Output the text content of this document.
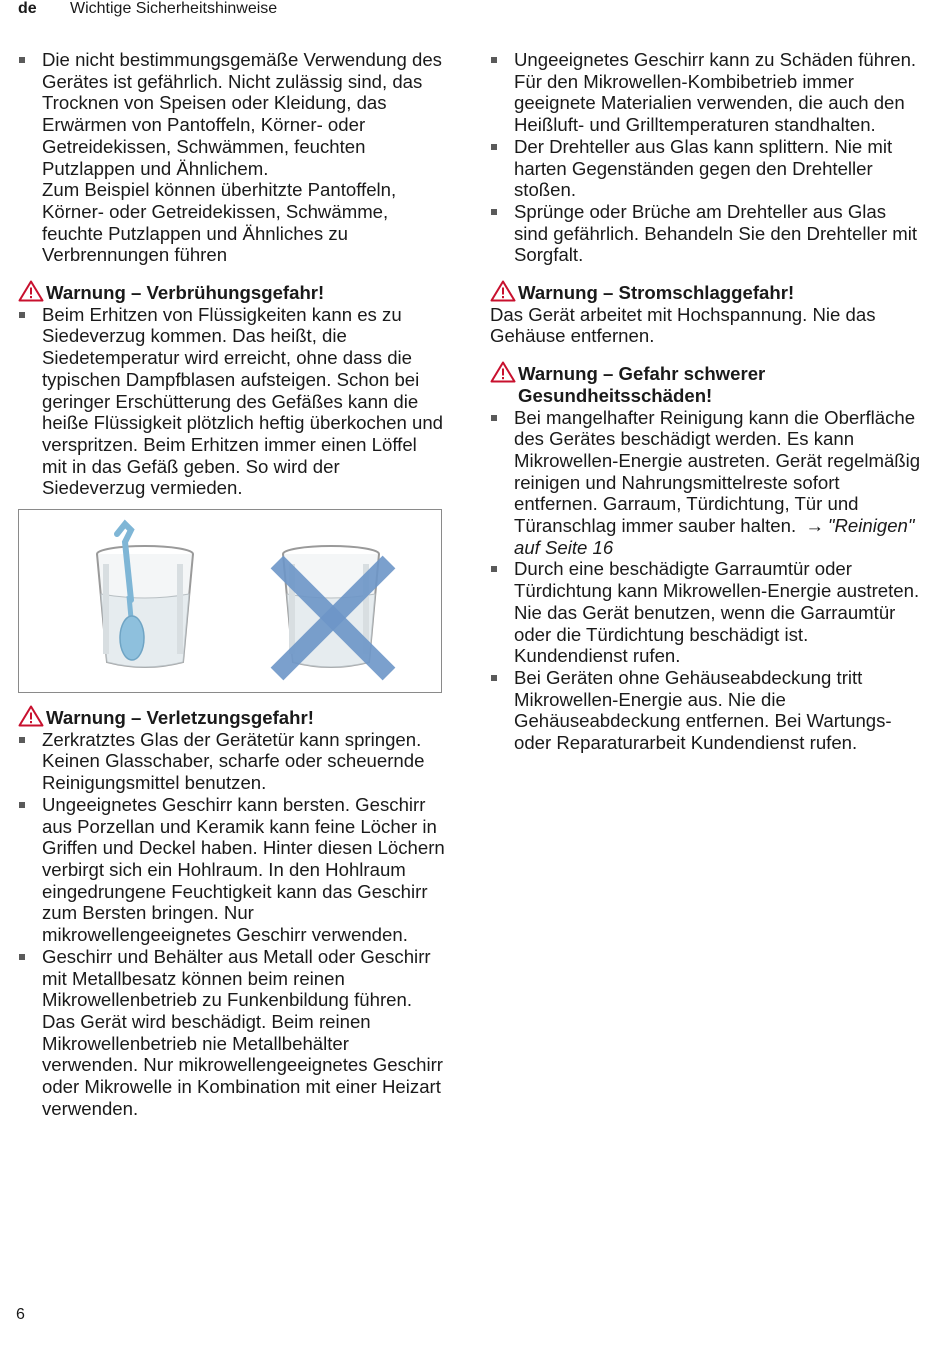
de Wichtige Sicherheitshinweise

Die nicht bestimmungsgemäße Verwendung des Gerätes ist gefährlich. Nicht zulässig sind, das Trocknen von Speisen oder Kleidung, das Erwärmen von Pantoffeln, Körner- oder Getreidekissen, Schwämmen, feuchten Putzlappen und Ähnlichem.

Zum Beispiel können überhitzte Pantoffeln, Körner- oder Getreidekissen, Schwämme, feuchte Putzlappen und Ähnliches zu Verbrennungen führen

Warnung – Verbrühungsgefahr!

Beim Erhitzen von Flüssigkeiten kann es zu Siedeverzug kommen. Das heißt, die Siedetemperatur wird erreicht, ohne dass die typischen Dampfblasen aufsteigen. Schon bei geringer Erschütterung des Gefäßes kann die heiße Flüssigkeit plötzlich heftig überkochen und verspritzen. Beim Erhitzen immer einen Löffel mit in das Gefäß geben. So wird der Siedeverzug vermieden.

Warnung – Verletzungsgefahr!

Zerkratztes Glas der Gerätetür kann springen. Keinen Glasschaber, scharfe oder scheuernde Reinigungsmittel benutzen.

Ungeeignetes Geschirr kann bersten. Geschirr aus Porzellan und Keramik kann feine Löcher in Griffen und Deckel haben. Hinter diesen Löchern verbirgt sich ein Hohlraum. In den Hohlraum eingedrungene Feuchtigkeit kann das Geschirr zum Bersten bringen. Nur mikrowellengeeignetes Geschirr verwenden.

Geschirr und Behälter aus Metall oder Geschirr mit Metallbesatz können beim reinen Mikrowellenbetrieb zu Funkenbildung führen. Das Gerät wird beschädigt. Beim reinen Mikrowellenbetrieb nie Metallbehälter verwenden. Nur mikrowellengeeignetes Geschirr oder Mikrowelle in Kombination mit einer Heizart verwenden.

Ungeeignetes Geschirr kann zu Schäden führen. Für den Mikrowellen-Kombibetrieb immer geeignete Materialien verwenden, die auch den Heißluft- und Grilltemperaturen standhalten.

Der Drehteller aus Glas kann splittern. Nie mit harten Gegenständen gegen den Drehteller stoßen.

Sprünge oder Brüche am Drehteller aus Glas sind gefährlich. Behandeln Sie den Drehteller mit Sorgfalt.

Warnung – Stromschlaggefahr!

Das Gerät arbeitet mit Hochspannung. Nie das Gehäuse entfernen.

Warnung – Gefahr schwerer Gesundheitsschäden!

Bei mangelhafter Reinigung kann die Oberfläche des Gerätes beschädigt werden. Es kann Mikrowellen-Energie austreten. Gerät regelmäßig reinigen und Nahrungsmittelreste sofort entfernen. Garraum, Türdichtung, Tür und Türanschlag immer sauber halten. → "Reinigen"
auf Seite 16

Durch eine beschädigte Garraumtür oder Türdichtung kann Mikrowellen-Energie austreten. Nie das Gerät benutzen, wenn die Garraumtür oder die Türdichtung beschädigt ist. Kundendienst rufen.

Bei Geräten ohne Gehäuseabdeckung tritt Mikrowellen-Energie aus. Nie die Gehäuseabdeckung entfernen. Bei Wartungs- oder Reparaturarbeit Kundendienst rufen.

6
